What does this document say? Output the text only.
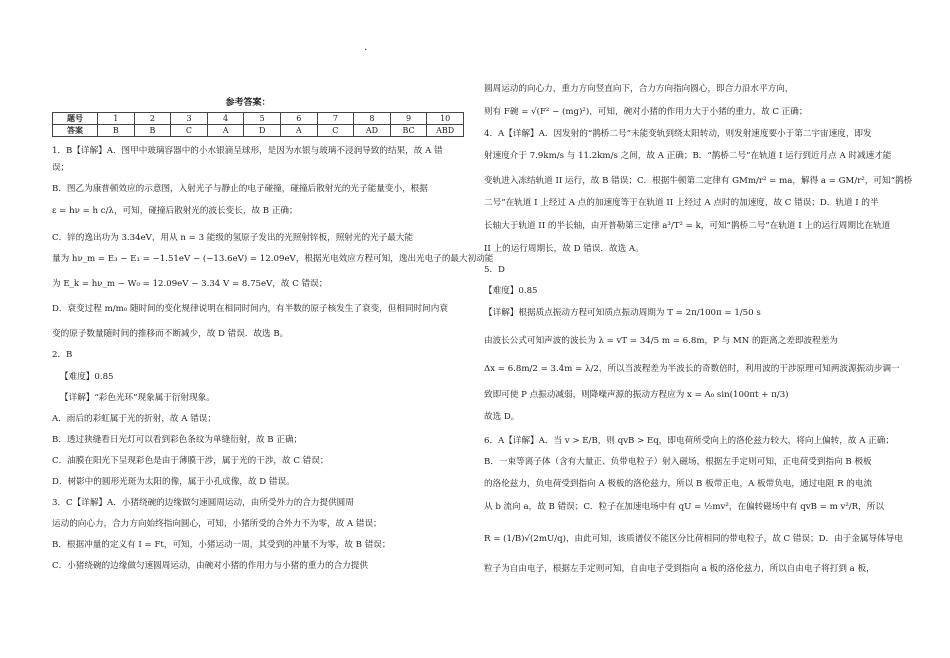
.
参考答案：
题号	1	2	3	4	5	6	7	8	9	10
答案	B	B	C	A	D	A	C	AD	BC	ABD
1．B【详解】A．图甲中玻璃容器中的小水银滴呈球形，是因为水银与玻璃不浸润导致的结果，故 A 错
误；
B．图乙为康普顿效应的示意图，入射光子与静止的电子碰撞，碰撞后散射光的光子能量变小，根据
ε = hν = h c/λ，可知，碰撞后散射光的波长变长，故 B 正确；
C．锌的逸出功为 3.34eV，用从 n = 3 能级的氢原子发出的光照射锌板，照射光的光子最大能
量为 hν_m = E₃ − E₁ = −1.51eV − (−13.6eV) = 12.09eV，根据光电效应方程可知，逸出光电子的最大初动能
为 E_k = hν_m − W₀ = 12.09eV − 3.34 V = 8.75eV，故 C 错误；
D．衰变过程 m/m₀ 随时间的变化规律说明在相同时间内，有半数的原子核发生了衰变，但相同时间内衰
变的原子数量随时间的推移而不断减少，故 D 错误．故选 B。
2．B
【难度】0.85
【详解】“彩色光环”现象属于衍射现象。
A．雨后的彩虹属于光的折射，故 A 错误；
B．透过狭缝看日光灯可以看到彩色条纹为单缝衍射，故 B 正确；
C．油膜在阳光下呈现彩色是由于薄膜干涉，属于光的干涉，故 C 错误；
D．树影中的圆形光斑为太阳的像，属于小孔成像，故 D 错误。
3．C【详解】A．小猪绕碗的边缘做匀速圆周运动，由所受外力的合力提供圆周
运动的向心力，合力方向始终指向圆心，可知，小猪所受的合外力不为零，故 A 错误；
B．根据冲量的定义有 I = Ft，可知，小猪运动一周，其受到的冲量不为零，故 B 错误；
C．小猪绕碗的边缘做匀速圆周运动，由碗对小猪的作用力与小猪的重力的合力提供
圆周运动的向心力，重力方向竖直向下，合力方向指向圆心，即合力沿水平方向，
则有 F碗 = √(F² − (mg)²)，可知，碗对小猪的作用力大于小猪的重力，故 C 正确；
4．A【详解】A．因发射的“鹊桥二号”未能变轨到绕太阳转动，则发射速度要小于第二宇宙速度，即发
射速度介于 7.9km/s 与 11.2km/s 之间，故 A 正确；B．“鹊桥二号”在轨道 I 运行到近月点 A 时减速才能
变轨进入冻结轨道 II 运行，故 B 错误；C．根据牛顿第二定律有 GMm/r² = ma，解得 a = GM/r²，可知“鹊桥
二号”在轨道 I 上经过 A 点的加速度等于在轨道 II 上经过 A 点时的加速度，故 C 错误；D．轨道 I 的半
长轴大于轨道 II 的半长轴，由开普勒第三定律 a³/T² = k，可知“鹊桥二号”在轨道 I 上的运行周期比在轨道
II 上的运行周期长，故 D 错误．故选 A。
5．D
【难度】0.85
【详解】根据质点振动方程可知质点振动周期为 T = 2π/100π = 1/50 s
由波长公式可知声波的波长为 λ = vT = 34/5 m = 6.8m，P 与 MN 的距离之差即波程差为
Δx = 6.8m/2 = 3.4m = λ/2，所以当波程差为半波长的奇数倍时，利用波的干涉原理可知两波源振动步调一
致即可使 P 点振动减弱，则降噪声源的振动方程应为 x = A₀ sin(100πt + π/3)
故选 D。
6．A【详解】A．当 v > E/B，则 qvB > Eq，即电荷所受向上的洛伦兹力较大，将向上偏转，故 A 正确；
B．一束等离子体（含有大量正、负带电粒子）射入磁场，根据左手定则可知，正电荷受到指向 B 极板
的洛伦兹力，负电荷受到指向 A 极板的洛伦兹力，所以 B 板带正电，A 板带负电，通过电阻 R 的电流
从 b 流向 a，故 B 错误；C．粒子在加速电场中有 qU = ½mv²，在偏转磁场中有 qvB = m v²/R，所以
R = (1/B)√(2mU/q)，由此可知，该质谱仪不能区分比荷相同的带电粒子，故 C 错误；D．由于金属导体导电
粒子为自由电子，根据左手定则可知，自由电子受到指向 a 板的洛伦兹力，所以自由电子将打到 a 板，
